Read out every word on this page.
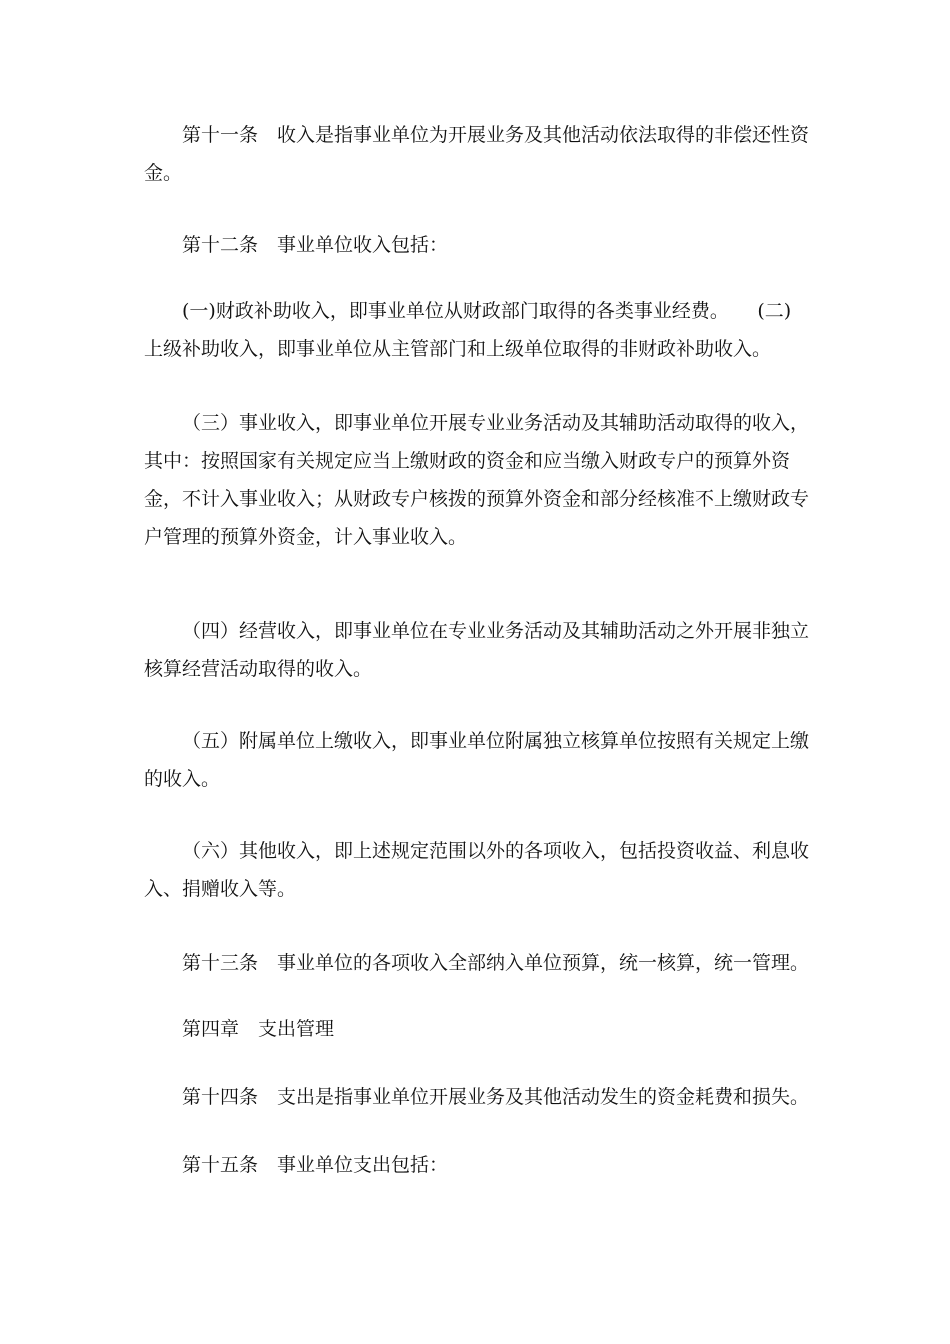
第十一条　收入是指事业单位为开展业务及其他活动依法取得的非偿还性资金。

第十二条　事业单位收入包括：

(一)财政补助收入，即事业单位从财政部门取得的各类事业经费。　　(二)上级补助收入，即事业单位从主管部门和上级单位取得的非财政补助收入。

（三）事业收入，即事业单位开展专业业务活动及其辅助活动取得的收入，其中：按照国家有关规定应当上缴财政的资金和应当缴入财政专户的预算外资金，不计入事业收入；从财政专户核拨的预算外资金和部分经核准不上缴财政专户管理的预算外资金，计入事业收入。

（四）经营收入，即事业单位在专业业务活动及其辅助活动之外开展非独立核算经营活动取得的收入。

（五）附属单位上缴收入，即事业单位附属独立核算单位按照有关规定上缴的收入。

（六）其他收入，即上述规定范围以外的各项收入，包括投资收益、利息收入、捐赠收入等。

第十三条　事业单位的各项收入全部纳入单位预算，统一核算，统一管理。

第四章　支出管理

第十四条　支出是指事业单位开展业务及其他活动发生的资金耗费和损失。

第十五条　事业单位支出包括：
